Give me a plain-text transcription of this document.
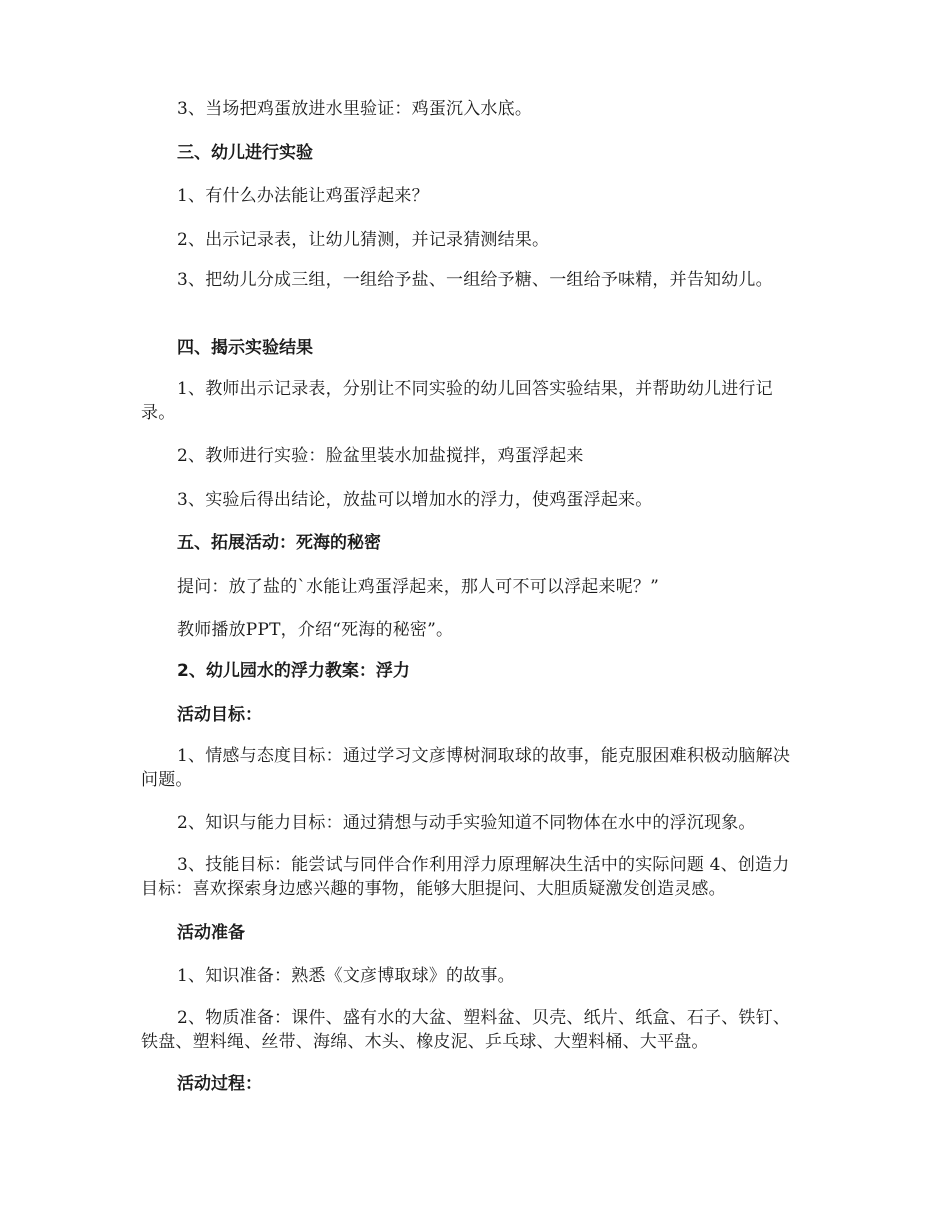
3、当场把鸡蛋放进水里验证：鸡蛋沉入水底。
三、幼儿进行实验
1、有什么办法能让鸡蛋浮起来？
2、出示记录表，让幼儿猜测，并记录猜测结果。
3、把幼儿分成三组，一组给予盐、一组给予糖、一组给予味精，并告知幼儿。
四、揭示实验结果
1、教师出示记录表，分别让不同实验的幼儿回答实验结果，并帮助幼儿进行记录。
2、教师进行实验：脸盆里装水加盐搅拌，鸡蛋浮起来
3、实验后得出结论，放盐可以增加水的浮力，使鸡蛋浮起来。
五、拓展活动：死海的秘密
提问：放了盐的`水能让鸡蛋浮起来，那人可不可以浮起来呢？”
教师播放PPT，介绍“死海的秘密”。
2、幼儿园水的浮力教案：浮力
活动目标：
1、情感与态度目标：通过学习文彦博树洞取球的故事，能克服困难积极动脑解决问题。
2、知识与能力目标：通过猜想与动手实验知道不同物体在水中的浮沉现象。
3、技能目标：能尝试与同伴合作利用浮力原理解决生活中的实际问题 4、创造力目标：喜欢探索身边感兴趣的事物，能够大胆提问、大胆质疑激发创造灵感。
活动准备
1、知识准备：熟悉《文彦博取球》的故事。
2、物质准备：课件、盛有水的大盆、塑料盆、贝壳、纸片、纸盒、石子、铁钉、铁盘、塑料绳、丝带、海绵、木头、橡皮泥、乒乓球、大塑料桶、大平盘。
活动过程：
